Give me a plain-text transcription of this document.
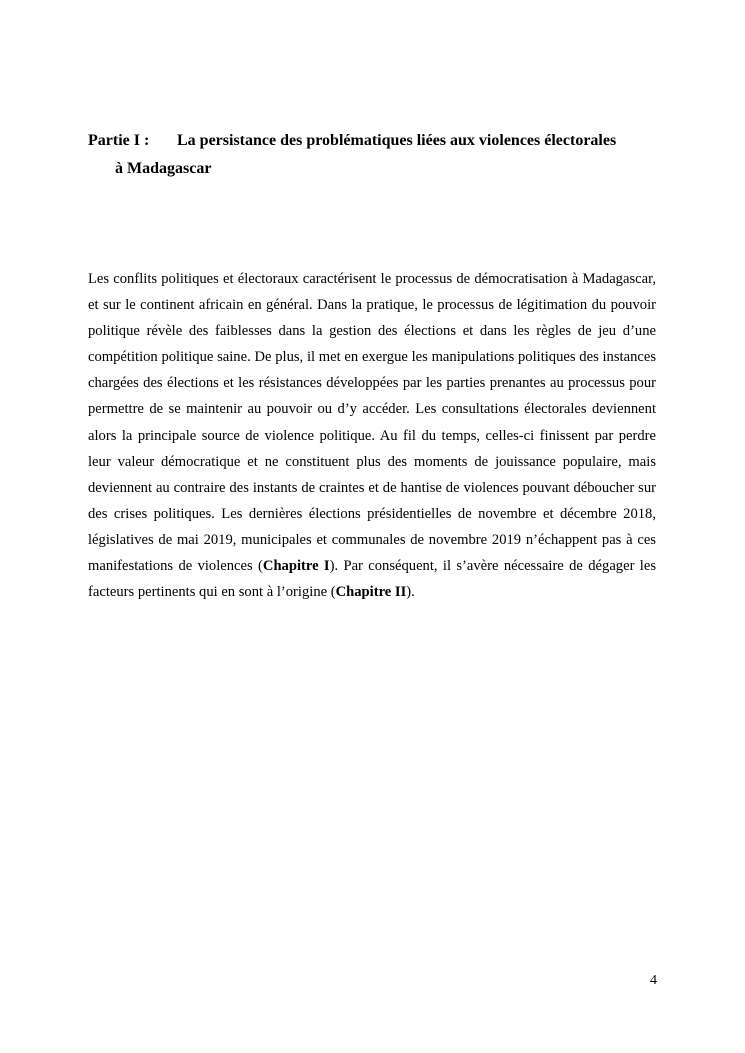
Partie I :	La persistance des problématiques liées aux violences électorales
à Madagascar

Les conflits politiques et électoraux caractérisent le processus de démocratisation à Madagascar, et sur le continent africain en général. Dans la pratique, le processus de légitimation du pouvoir politique révèle des faiblesses dans la gestion des élections et dans les règles de jeu d’une compétition politique saine. De plus, il met en exergue les manipulations politiques des instances chargées des élections et les résistances développées par les parties prenantes au processus pour permettre de se maintenir au pouvoir ou d’y accéder. Les consultations électorales deviennent alors la principale source de violence politique. Au fil du temps, celles-ci finissent par perdre leur valeur démocratique et ne constituent plus des moments de jouissance populaire, mais deviennent au contraire des instants de craintes et de hantise de violences pouvant déboucher sur des crises politiques. Les dernières élections présidentielles de novembre et décembre 2018, législatives de mai 2019, municipales et communales de novembre 2019 n’échappent pas à ces manifestations de violences (Chapitre I). Par conséquent, il s’avère nécessaire de dégager les facteurs pertinents qui en sont à l’origine (Chapitre II).

4
